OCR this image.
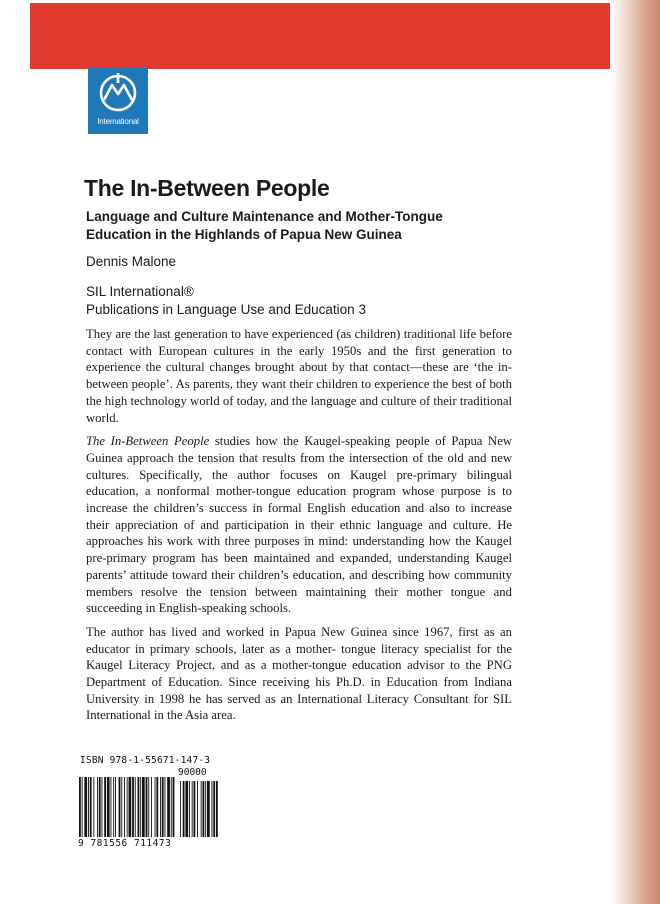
International
The In-Between People
Language and Culture Maintenance and Mother-Tongue
Education in the Highlands of Papua New Guinea
Dennis Malone
SIL International®
Publications in Language Use and Education 3

They are the last generation to have experienced (as children) traditional life before contact with European cultures in the early 1950s and the first generation to experience the cultural changes brought about by that contact—these are ‘the in-between people’. As parents, they want their children to experience the best of both the high technology world of today, and the language and culture of their traditional world.

The In-Between People studies how the Kaugel-speaking people of Papua New Guinea approach the tension that results from the intersection of the old and new cultures. Specifically, the author focuses on Kaugel pre-primary bilingual education, a nonformal mother-tongue education program whose purpose is to increase the children’s success in formal English education and also to increase their appreciation of and participation in their ethnic language and culture. He approaches his work with three purposes in mind: understanding how the Kaugel pre-primary program has been maintained and expanded, understanding Kaugel parents’ attitude toward their children’s education, and describing how community members resolve the tension between maintaining their mother tongue and succeeding in English-speaking schools.

The author has lived and worked in Papua New Guinea since 1967, first as an educator in primary schools, later as a mother- tongue literacy specialist for the Kaugel Literacy Project, and as a mother-tongue education advisor to the PNG Department of Education. Since receiving his Ph.D. in Education from Indiana University in 1998 he has served as an International Literacy Consultant for SIL International in the Asia area.

ISBN 978-1-55671-147-3
90000
9 781556 711473
